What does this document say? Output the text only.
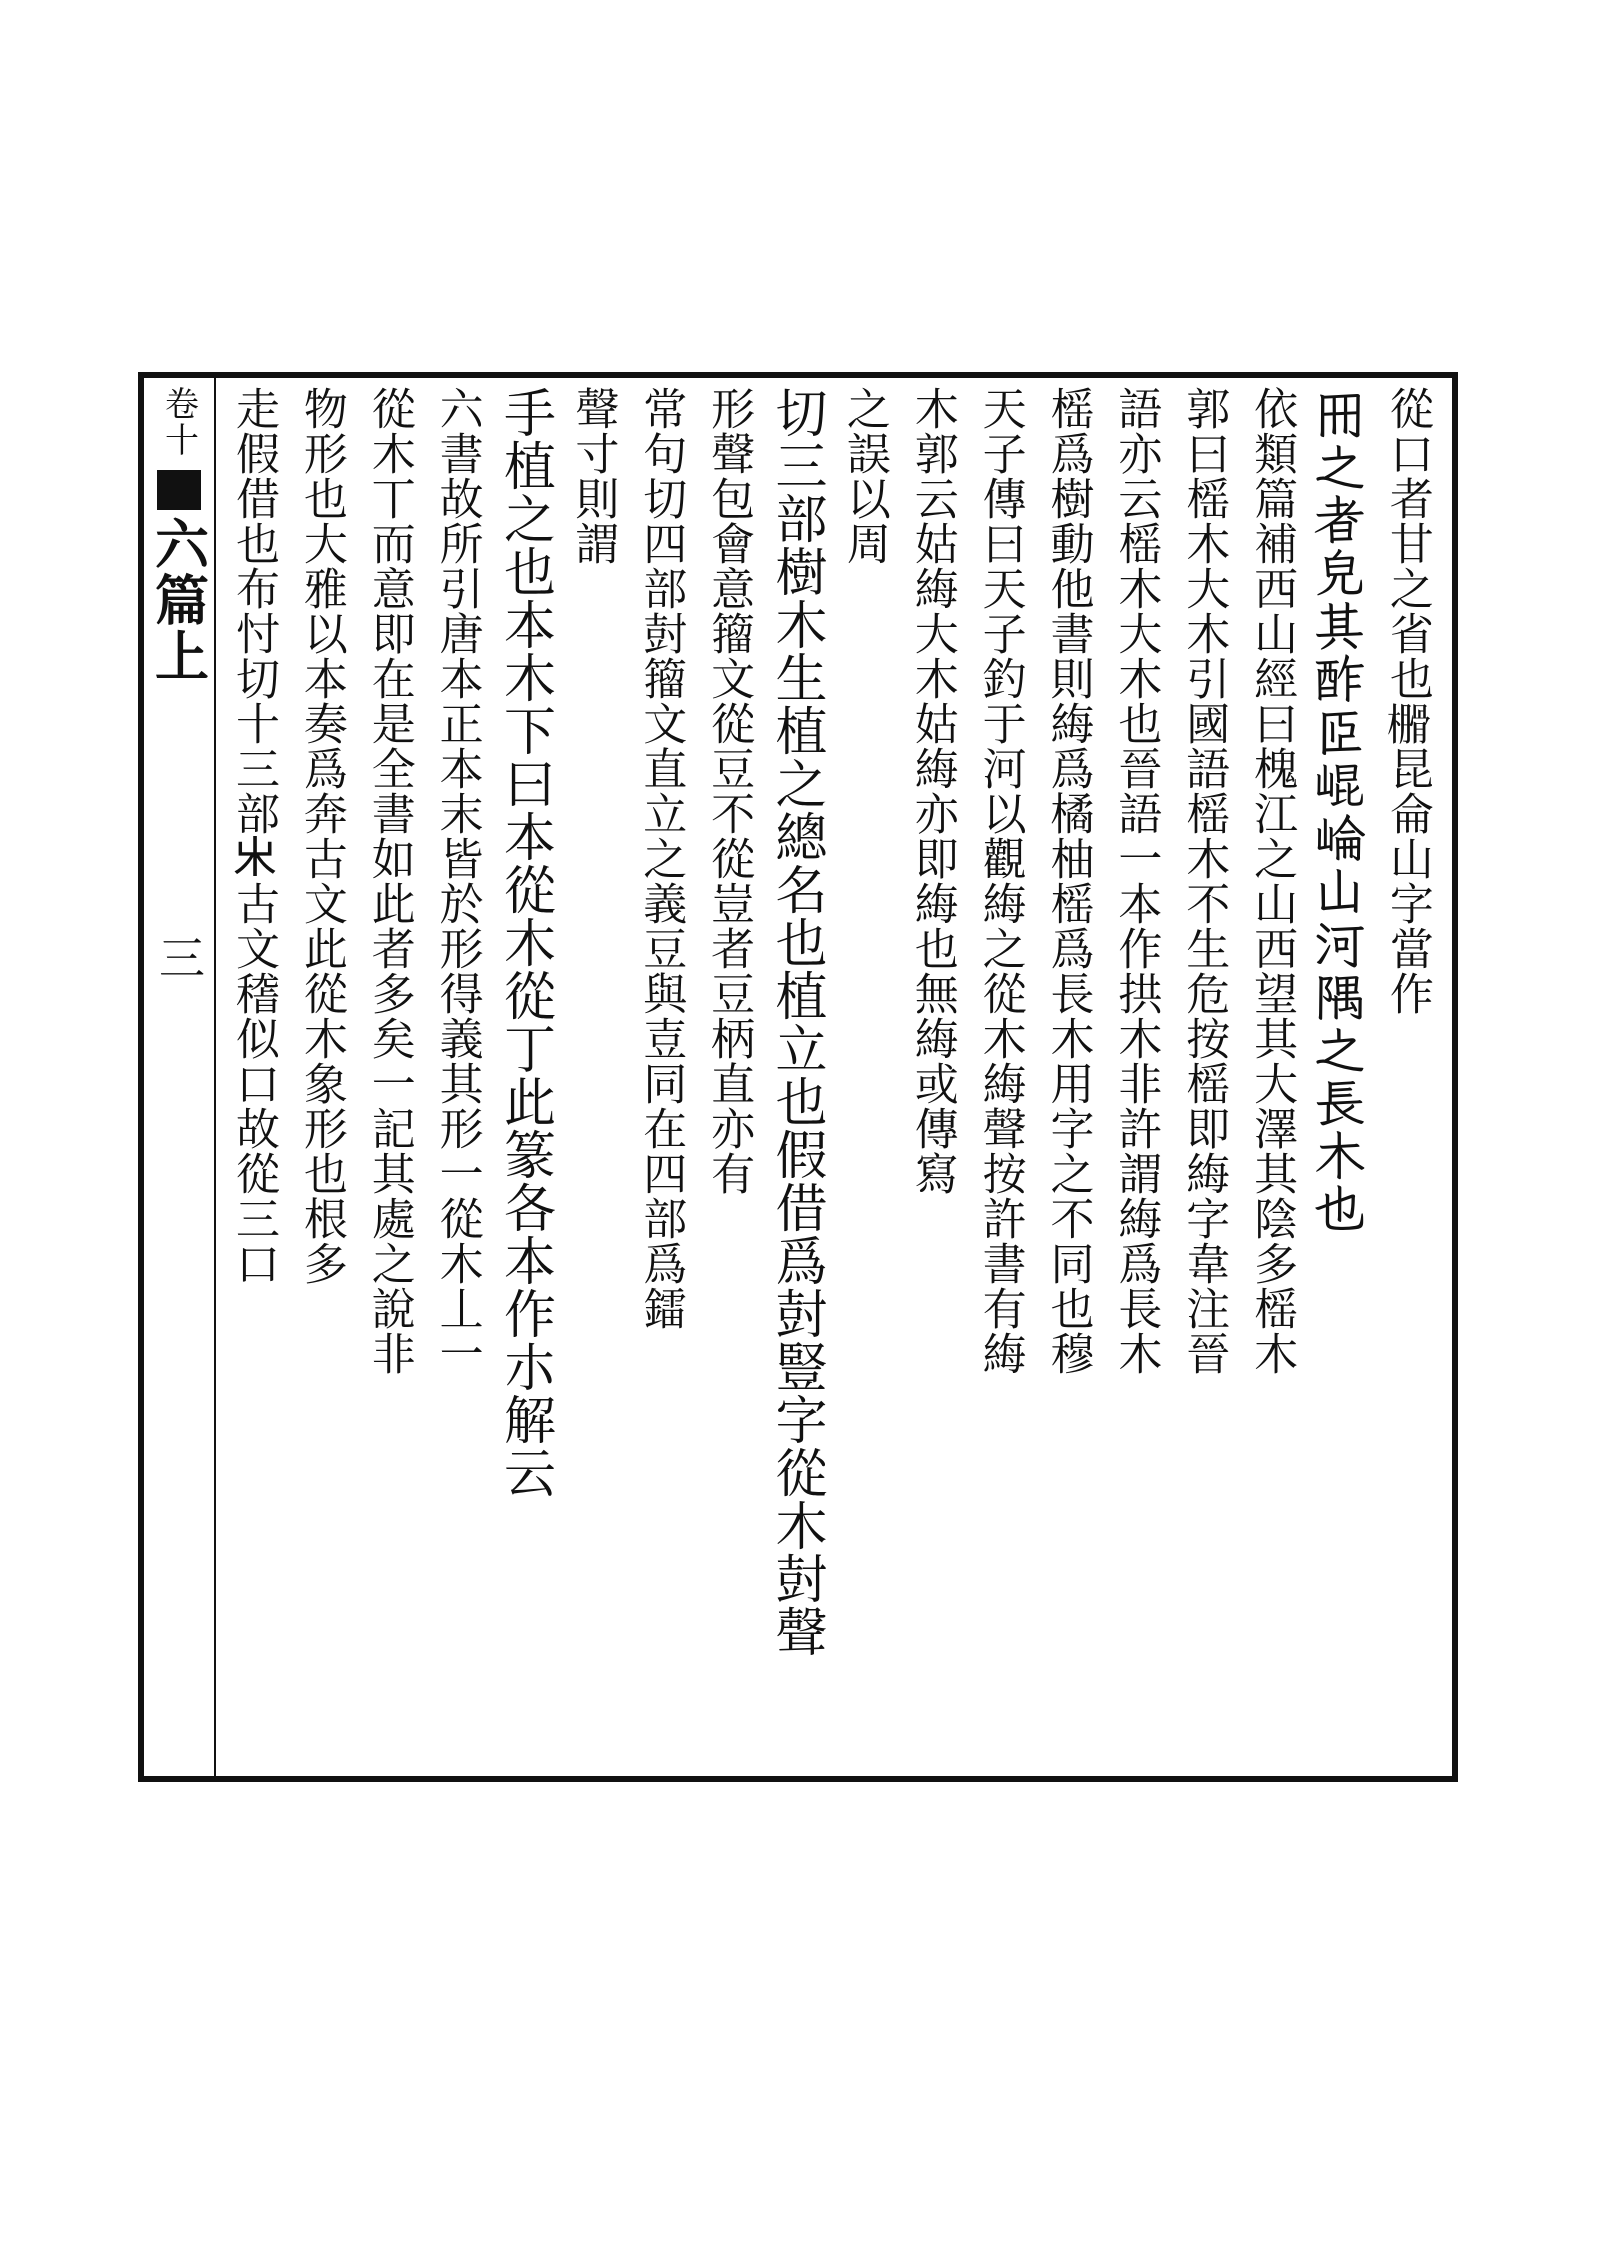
卷十
六篇上
三	從口者甘之省也𣝗昆侖山字當作
𠕁之者皃其酢𦣝崐崘山河隅之長木也
依類篇補西山經曰槐江之山西望其大澤其陰多榣木
郭曰榣木大木引國語榣木不生危按榣即䋦字韋注晉
語亦云榣木大木也晉語一本作拱木非許謂䋦爲長木
榣爲樹動他書則䋦爲橘柚榣爲長木用字之不同也穆
天子傳曰天子釣于河以觀䋦之從木䋦聲按許書有䋦
木郭云姑䋦大木姑䋦亦即䋦也無䋦或傳寫
之誤以周
切三部樹木生植之總名也植立也假借爲尌豎字從木尌聲
形聲包會意籀文從豆不從豈者豆柄直亦有
常句切四部尌籀文直立之義豆與壴同在四部爲鐳
聲寸則謂
手植之也本木下曰本從木從丁此篆各本作朩解云
六書故所引唐本正本末皆於形得義其形一從木丄一
從木丅而意即在是全書如此者多矣一記其處之說非
物形也大雅以本奏爲奔古文此從木象形也根多
走假借也布忖切十三部𣎵古文𥡴似口故從三口
